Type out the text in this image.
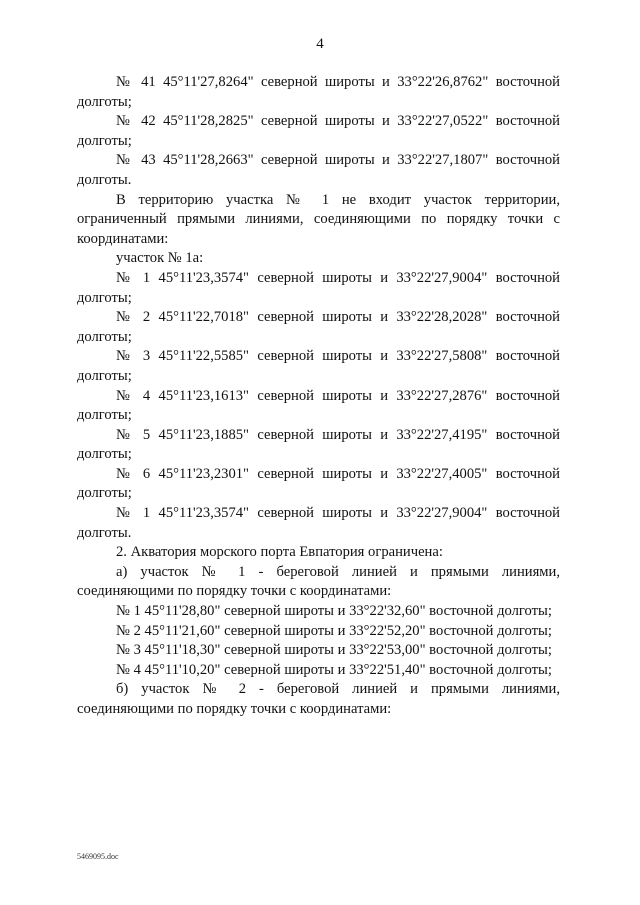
4

№ 41 45°11'27,8264" северной широты и 33°22'26,8762" восточной долготы;

№ 42 45°11'28,2825" северной широты и 33°22'27,0522" восточной долготы;

№ 43 45°11'28,2663" северной широты и 33°22'27,1807" восточной долготы.

В территорию участка № 1 не входит участок территории, ограниченный прямыми линиями, соединяющими по порядку точки с координатами:

участок № 1а:

№ 1 45°11'23,3574" северной широты и 33°22'27,9004" восточной долготы;

№ 2 45°11'22,7018" северной широты и 33°22'28,2028" восточной долготы;

№ 3 45°11'22,5585" северной широты и 33°22'27,5808" восточной долготы;

№ 4 45°11'23,1613" северной широты и 33°22'27,2876" восточной долготы;

№ 5 45°11'23,1885" северной широты и 33°22'27,4195" восточной долготы;

№ 6 45°11'23,2301" северной широты и 33°22'27,4005" восточной долготы;

№ 1 45°11'23,3574" северной широты и 33°22'27,9004" восточной долготы.

2. Акватория морского порта Евпатория ограничена:

а) участок № 1 - береговой линией и прямыми линиями, соединяющими по порядку точки с координатами:

№ 1 45°11'28,80" северной широты и 33°22'32,60" восточной долготы;

№ 2 45°11'21,60" северной широты и 33°22'52,20" восточной долготы;

№ 3 45°11'18,30" северной широты и 33°22'53,00" восточной долготы;

№ 4 45°11'10,20" северной широты и 33°22'51,40" восточной долготы;

б) участок № 2 - береговой линией и прямыми линиями, соединяющими по порядку точки с координатами:

5469095.doc
